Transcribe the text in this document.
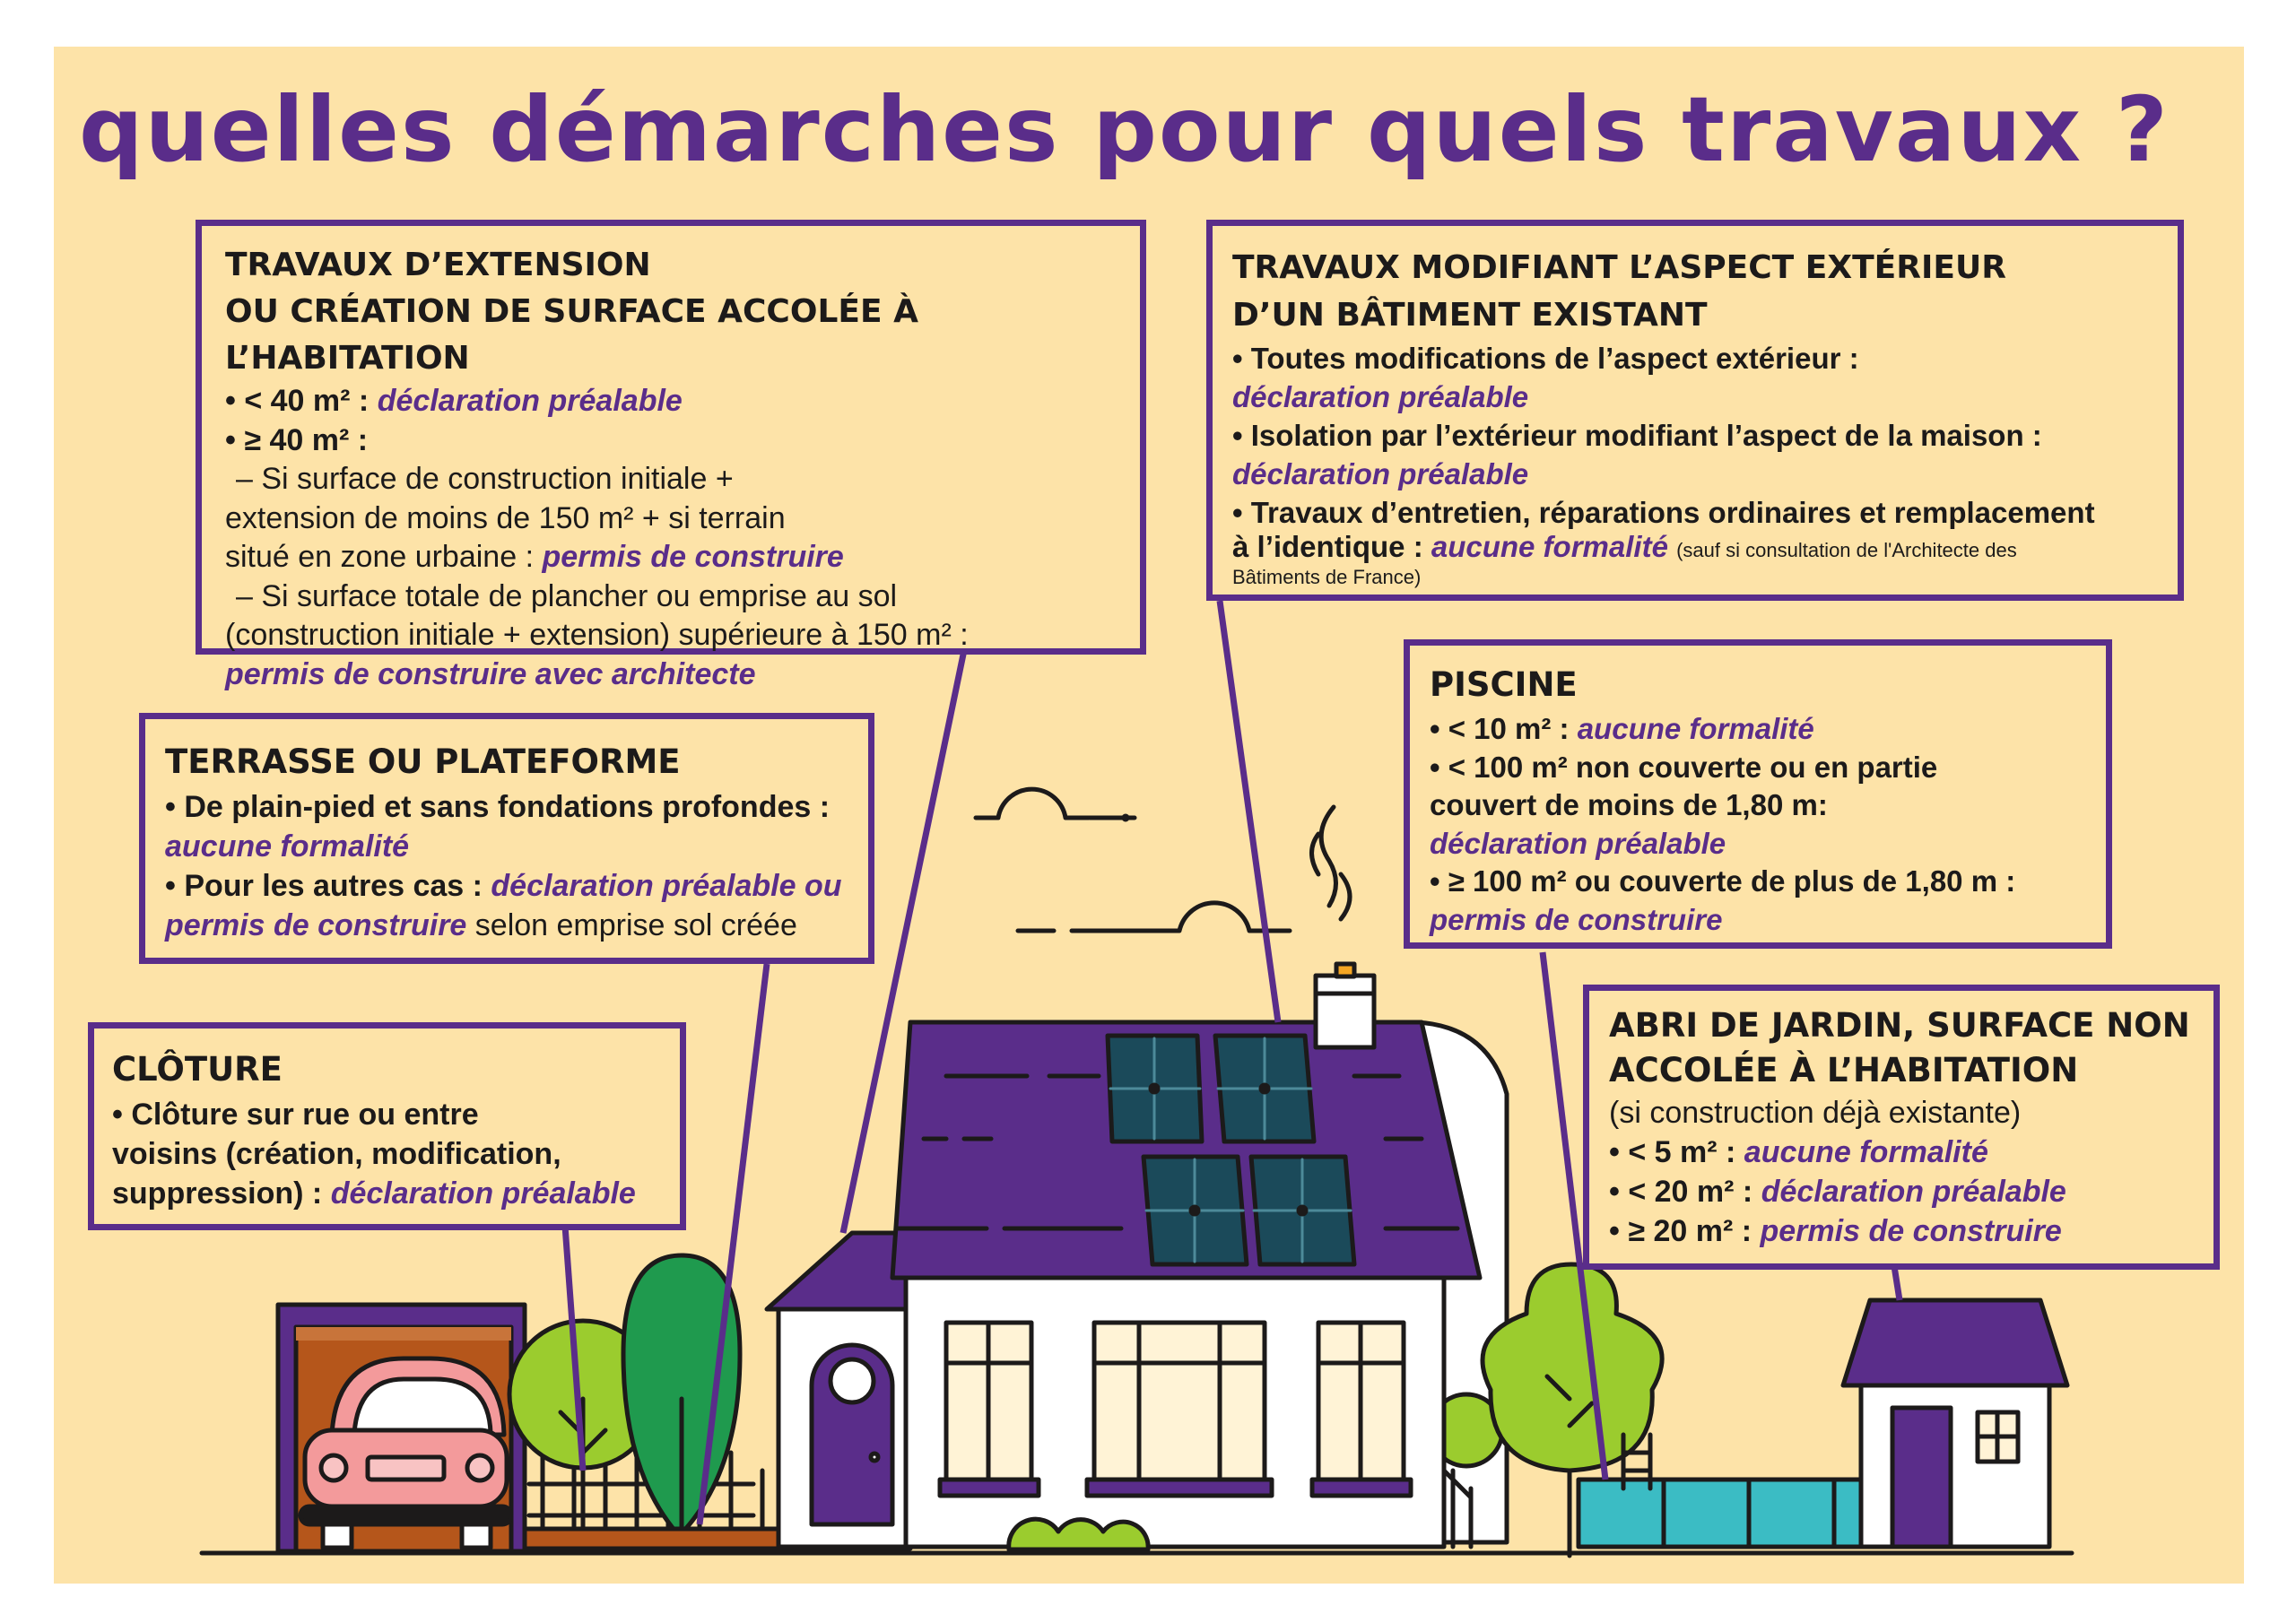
quelles démarches pour quels travaux ?
TRAVAUX D’EXTENSION
OU CRÉATION DE SURFACE ACCOLÉE À L’HABITATION

• < 40 m² : déclaration préalable

• ≥ 40 m² :

– Si surface de construction initiale +

extension de moins de 150 m² + si terrain

situé en zone urbaine : permis de construire

– Si surface totale de plancher ou emprise au sol

(construction initiale + extension) supérieure à 150 m² :

permis de construire avec architecte

TRAVAUX MODIFIANT L’ASPECT EXTÉRIEUR
D’UN BÂTIMENT EXISTANT

• Toutes modifications de l’aspect extérieur :

déclaration préalable

• Isolation par l’extérieur modifiant l’aspect de la maison :

déclaration préalable

• Travaux d’entretien, réparations ordinaires et remplacement

à l’identique : aucune formalité (sauf si consultation de l'Architecte des

Bâtiments de France)

TERRASSE OU PLATEFORME

• De plain-pied et sans fondations profondes :

aucune formalité

• Pour les autres cas : déclaration préalable ou

permis de construire selon emprise sol créée

PISCINE

• < 10 m² : aucune formalité

• < 100 m² non couverte ou en partie

couvert de moins de 1,80 m:

déclaration préalable

• ≥ 100 m² ou couverte de plus de 1,80 m :

permis de construire

CLÔTURE

• Clôture sur rue ou entre

voisins (création, modification,

suppression) : déclaration préalable

ABRI DE JARDIN, SURFACE NON
ACCOLÉE À L’HABITATION

(si construction déjà existante)

• < 5 m² : aucune formalité

• < 20 m² : déclaration préalable

• ≥ 20 m² : permis de construire
